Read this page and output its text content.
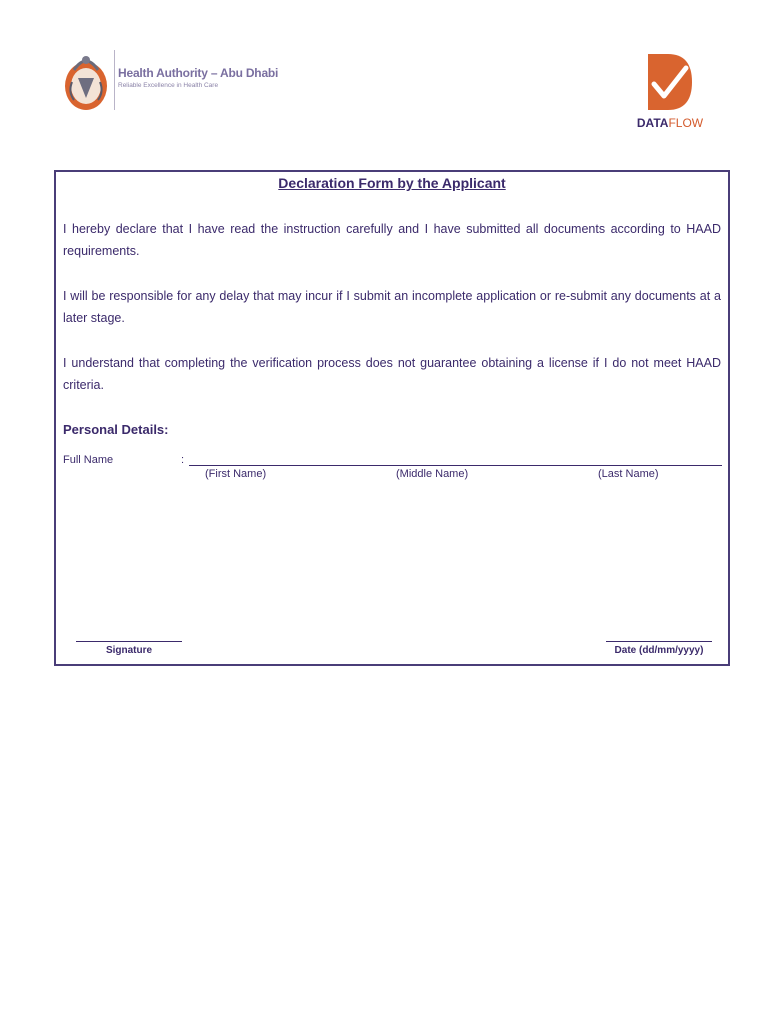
Health Authority – Abu Dhabi
Reliable Excellence in Health Care
DATAFLOW
Declaration Form by the Applicant

I hereby declare that I have read the instruction carefully and I have submitted all documents according to HAAD requirements.

I will be responsible for any delay that may incur if I submit an incomplete application or re-submit any documents at a later stage.

I understand that completing the verification process does not guarantee obtaining a license if I do not meet HAAD criteria.

Personal Details:
Full Name	:
(First Name)	(Middle Name)	(Last Name)
Signature	Date (dd/mm/yyyy)
